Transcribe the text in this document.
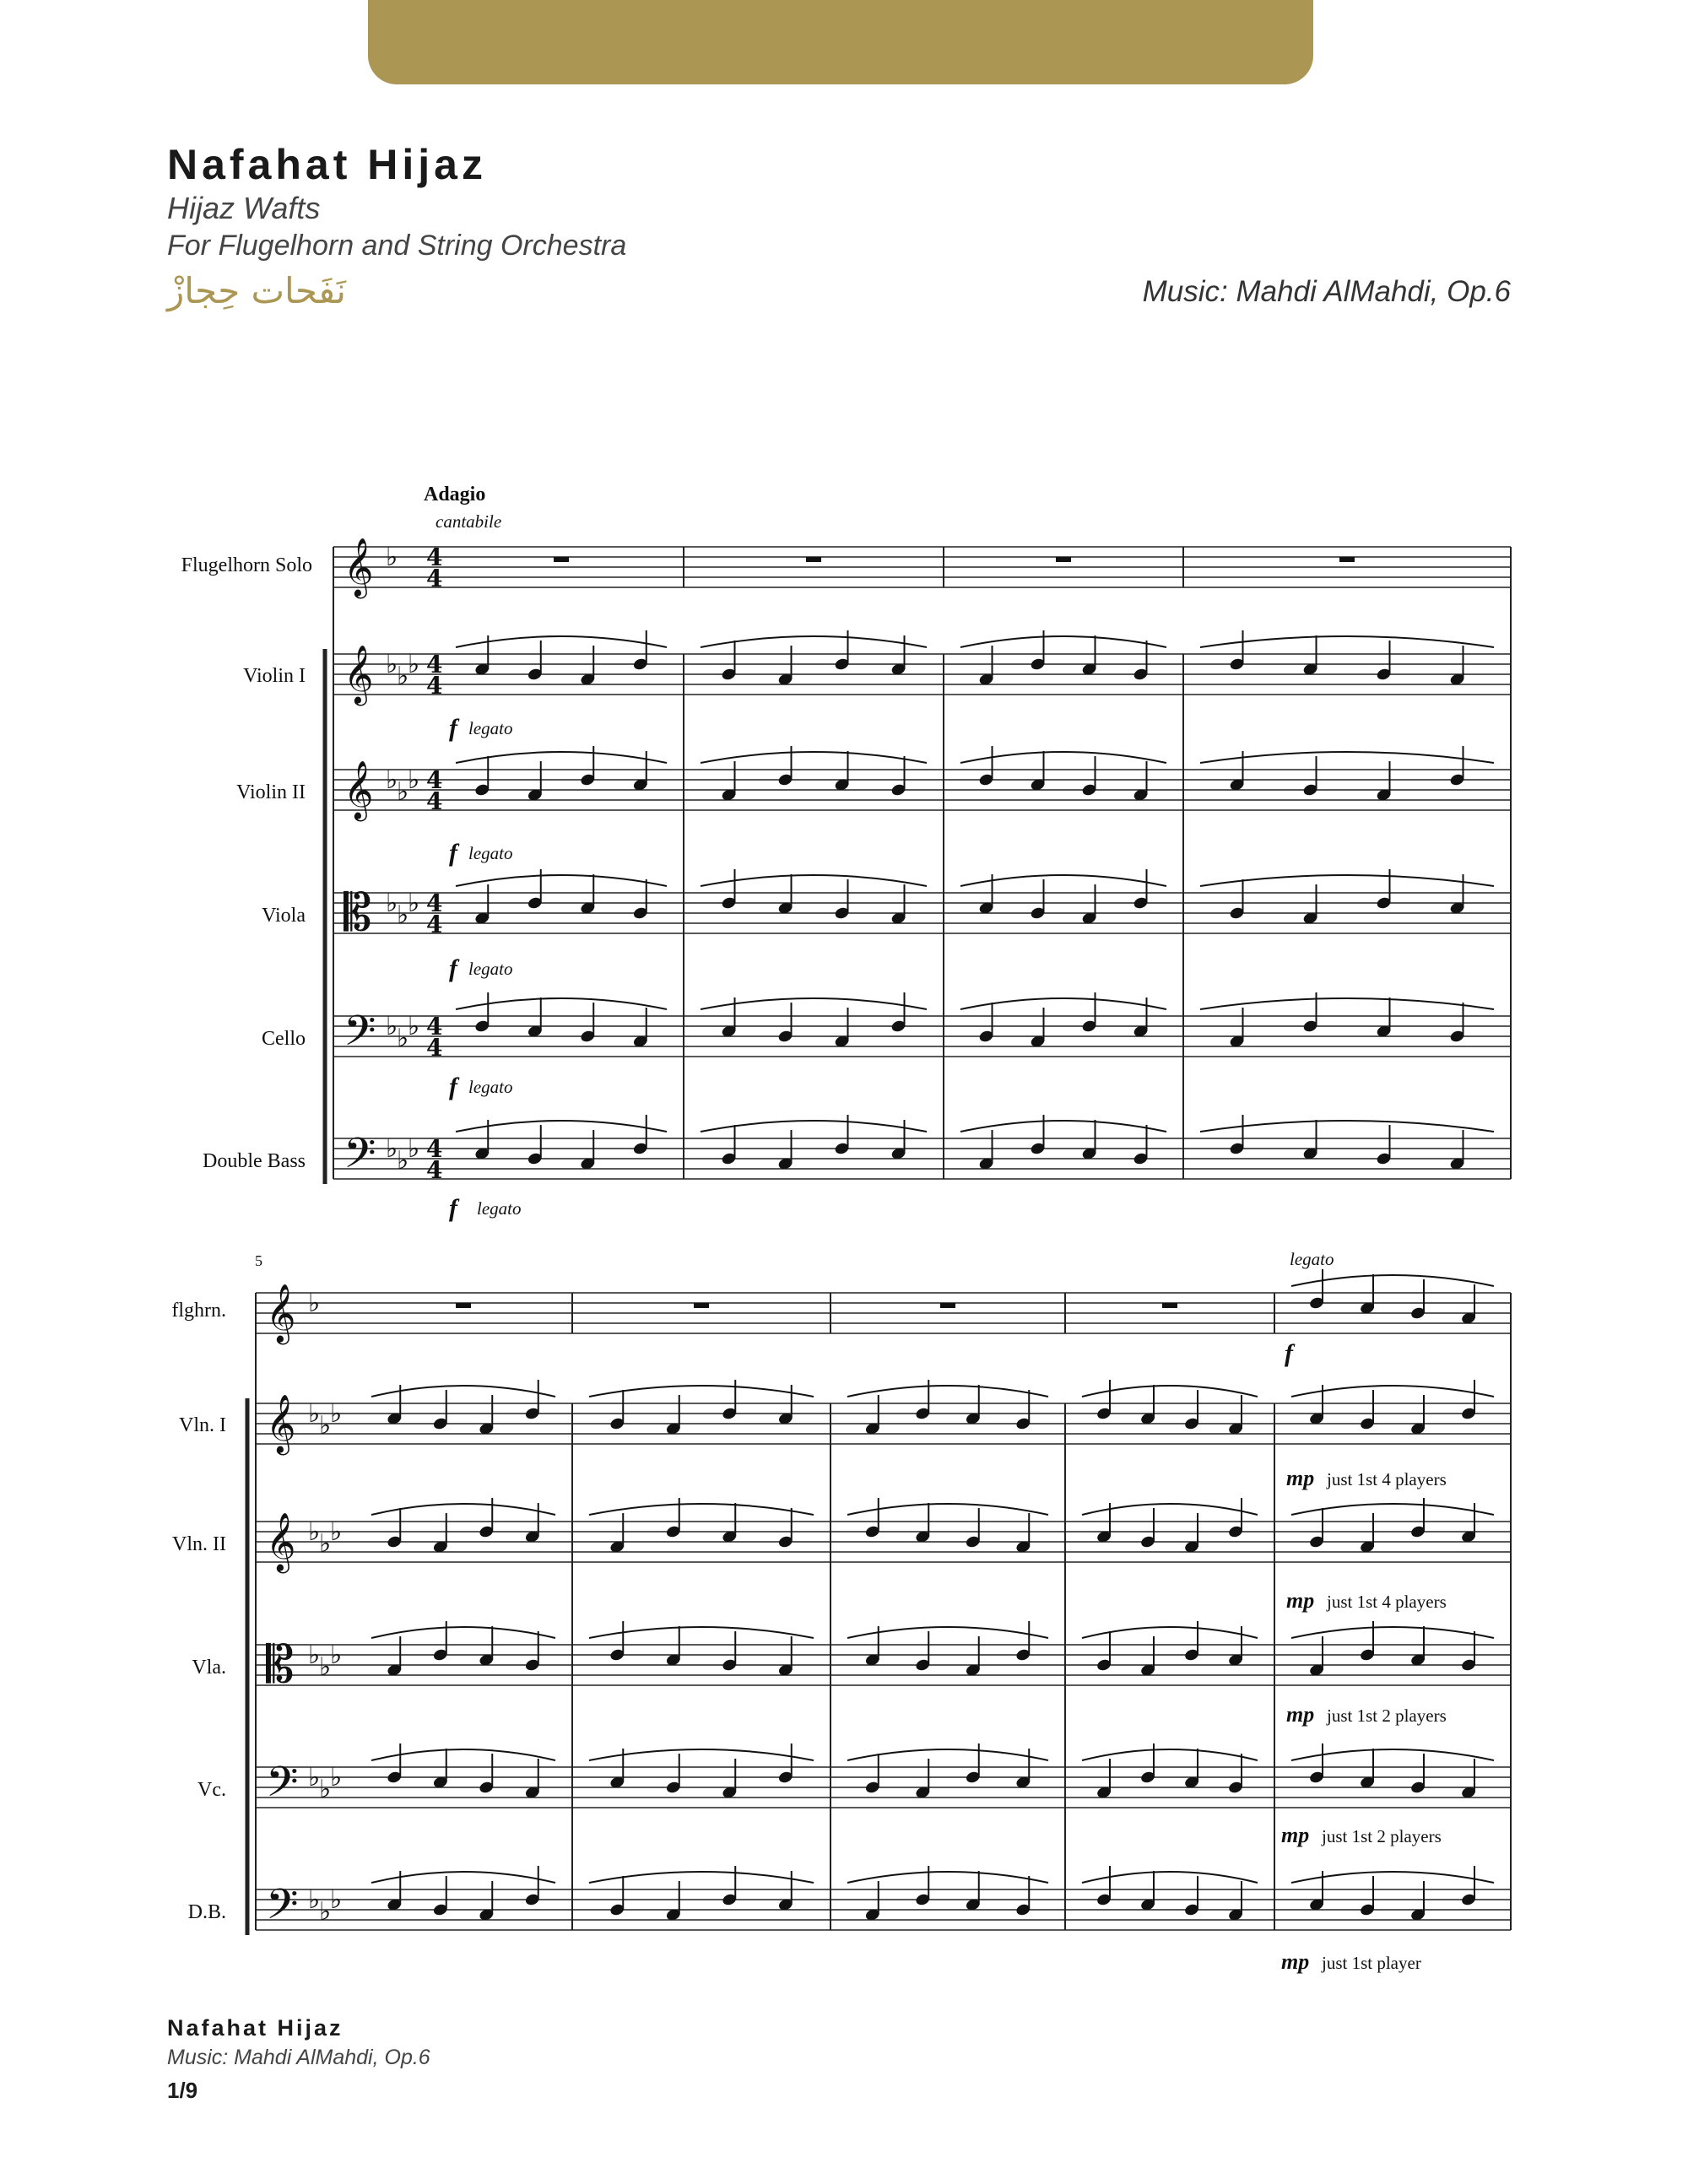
Nafahat Hijaz

Hijaz Wafts

For Flugelhorn and String Orchestra

نَفَحات حِجازْ	Music: Mahdi AlMahdi, Op.6

𝄞 ♭ 4
4
𝄞 ♭
♭
♭ 4
4
𝄞 ♭
♭
♭ 4
4
𝄡 ♭
♭
♭ 4
4
𝄢 ♭
♭
♭ 4
4
𝄢 ♭
♭
♭ 4
4
𝄞 ♭
𝄞 ♭
♭
♭
𝄞 ♭
♭
♭
𝄡 ♭
♭
♭
𝄢 ♭
♭
♭
𝄢 ♭
♭
♭
Adagio
cantabile
Flugelhorn Solo
Violin I
Violin II
Viola
Cello
Double Bass
f legato
f legato
f legato
f legato
f legato
5	legato
f
flghrn.
Vln. I
Vln. II
Vla.
Vc.
D.B.
mp just 1st 4 players
mp just 1st 4 players
mp just 1st 2 players
mp just 1st 2 players
mp just 1st player

Nafahat Hijaz

Music: Mahdi AlMahdi, Op.6

1/9
